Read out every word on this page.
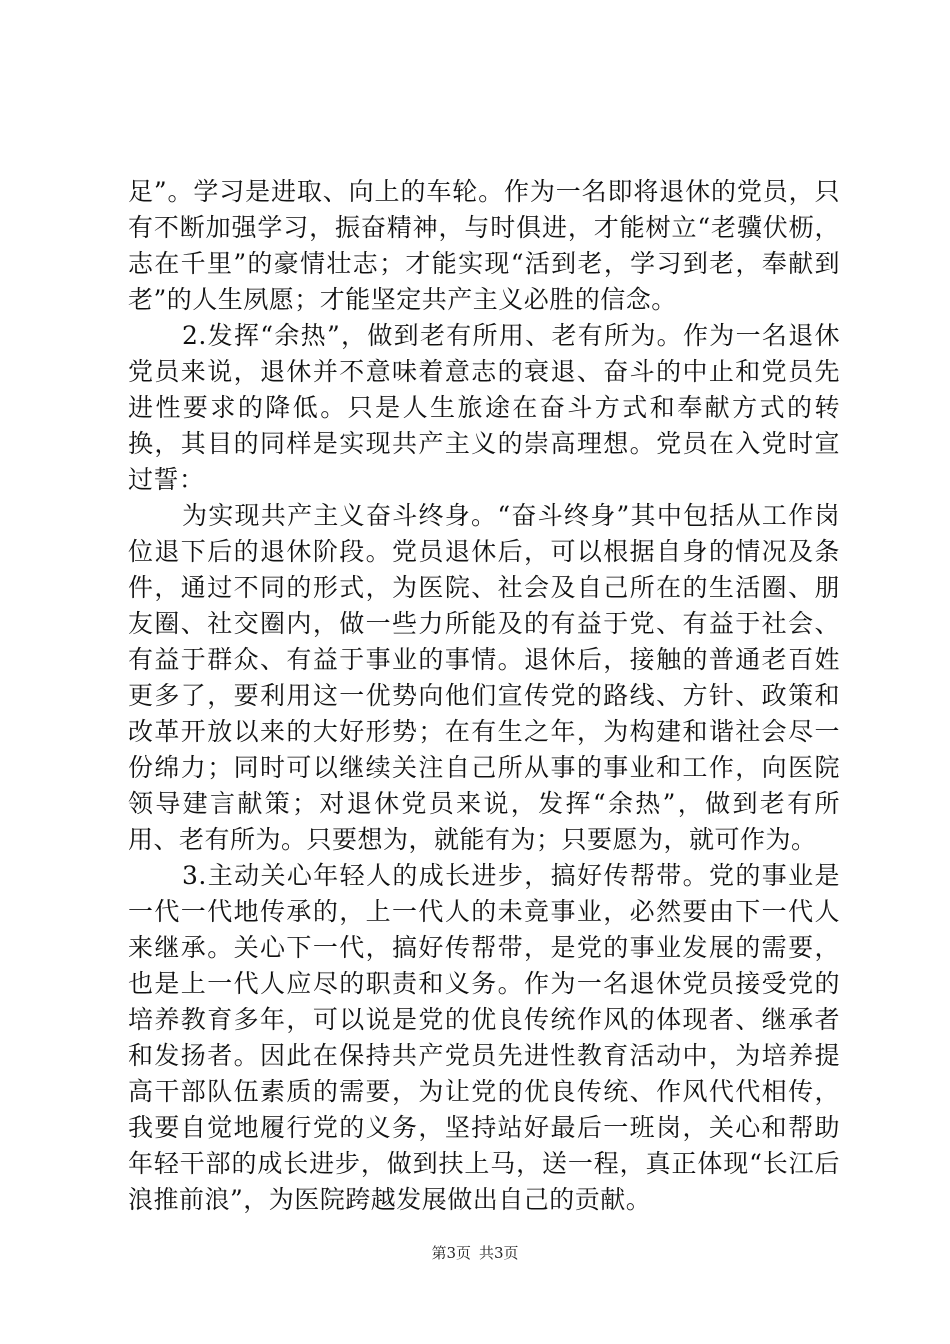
足”。学习是进取、向上的车轮。作为一名即将退休的党员，只有不断加强学习，振奋精神，与时俱进，才能树立“老骥伏枥，志在千里”的豪情壮志；才能实现“活到老，学习到老，奉献到老”的人生夙愿；才能坚定共产主义必胜的信念。

2.发挥“余热”，做到老有所用、老有所为。作为一名退休党员来说，退休并不意味着意志的衰退、奋斗的中止和党员先进性要求的降低。只是人生旅途在奋斗方式和奉献方式的转换，其目的同样是实现共产主义的崇高理想。党员在入党时宣过誓：

为实现共产主义奋斗终身。“奋斗终身”其中包括从工作岗位退下后的退休阶段。党员退休后，可以根据自身的情况及条件，通过不同的形式，为医院、社会及自己所在的生活圈、朋友圈、社交圈内，做一些力所能及的有益于党、有益于社会、有益于群众、有益于事业的事情。退休后，接触的普通老百姓更多了，要利用这一优势向他们宣传党的路线、方针、政策和改革开放以来的大好形势；在有生之年，为构建和谐社会尽一份绵力；同时可以继续关注自己所从事的事业和工作，向医院领导建言献策；对退休党员来说，发挥“余热”，做到老有所用、老有所为。只要想为，就能有为；只要愿为，就可作为。

3.主动关心年轻人的成长进步，搞好传帮带。党的事业是一代一代地传承的，上一代人的未竟事业，必然要由下一代人来继承。关心下一代，搞好传帮带，是党的事业发展的需要，也是上一代人应尽的职责和义务。作为一名退休党员接受党的培养教育多年，可以说是党的优良传统作风的体现者、继承者和发扬者。因此在保持共产党员先进性教育活动中，为培养提高干部队伍素质的需要，为让党的优良传统、作风代代相传，我要自觉地履行党的义务，坚持站好最后一班岗，关心和帮助年轻干部的成长进步，做到扶上马，送一程，真正体现“长江后浪推前浪”，为医院跨越发展做出自己的贡献。

第3页 共3页
